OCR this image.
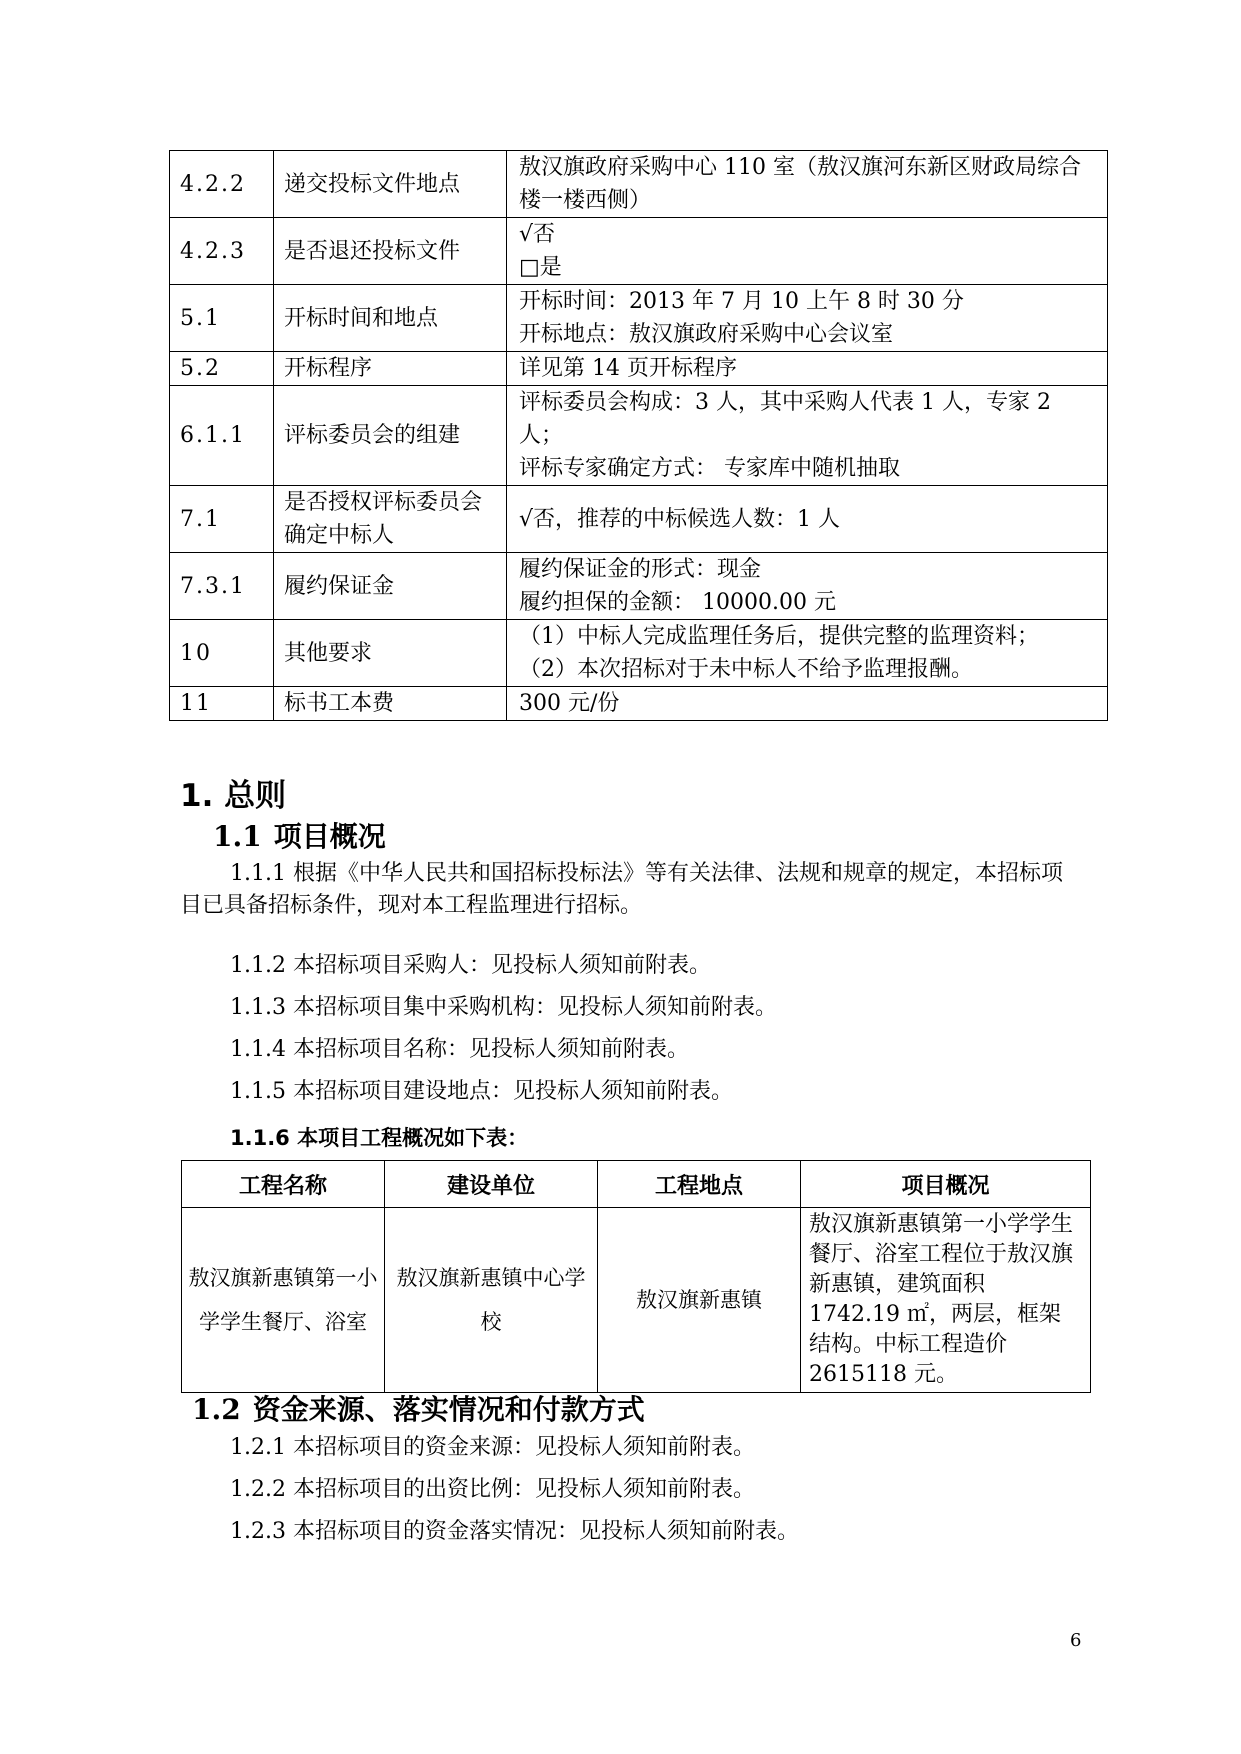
4.2.2	递交投标文件地点	敖汉旗政府采购中心 110 室（敖汉旗河东新区财政局综合楼一楼西侧）

4.2.3	是否退还投标文件	√否
□是

5.1	开标时间和地点	开标时间：2013 年 7 月 10 上午 8 时 30 分
开标地点：敖汉旗政府采购中心会议室

5.2	开标程序	详见第 14 页开标程序

6.1.1	评标委员会的组建	评标委员会构成：3 人，其中采购人代表 1 人，专家 2 人；
评标专家确定方式： 专家库中随机抽取

7.1	是否授权评标委员会确定中标人	√否，推荐的中标候选人数：1 人

7.3.1	履约保证金	履约保证金的形式：现金
履约担保的金额： 10000.00 元

10	其他要求	（1）中标人完成监理任务后，提供完整的监理资料；
（2）本次招标对于未中标人不给予监理报酬。

11	标书工本费	300 元/份
1. 总则
1.1 项目概况
1.1.1 根据《中华人民共和国招标投标法》等有关法律、法规和规章的规定，本招标项目已具备招标条件，现对本工程监理进行招标。
1.1.2 本招标项目采购人：见投标人须知前附表。
1.1.3 本招标项目集中采购机构：见投标人须知前附表。
1.1.4 本招标项目名称：见投标人须知前附表。
1.1.5 本招标项目建设地点：见投标人须知前附表。
1.1.6 本项目工程概况如下表：
工程名称	建设单位	工程地点	项目概况
敖汉旗新惠镇第一小学学生餐厅、浴室	敖汉旗新惠镇中心学校	敖汉旗新惠镇	敖汉旗新惠镇第一小学学生餐厅、浴室工程位于敖汉旗新惠镇，建筑面积 1742.19 ㎡，两层，框架结构。中标工程造价 2615118 元。
1.2 资金来源、落实情况和付款方式
1.2.1 本招标项目的资金来源：见投标人须知前附表。
1.2.2 本招标项目的出资比例：见投标人须知前附表。
1.2.3 本招标项目的资金落实情况：见投标人须知前附表。
6
